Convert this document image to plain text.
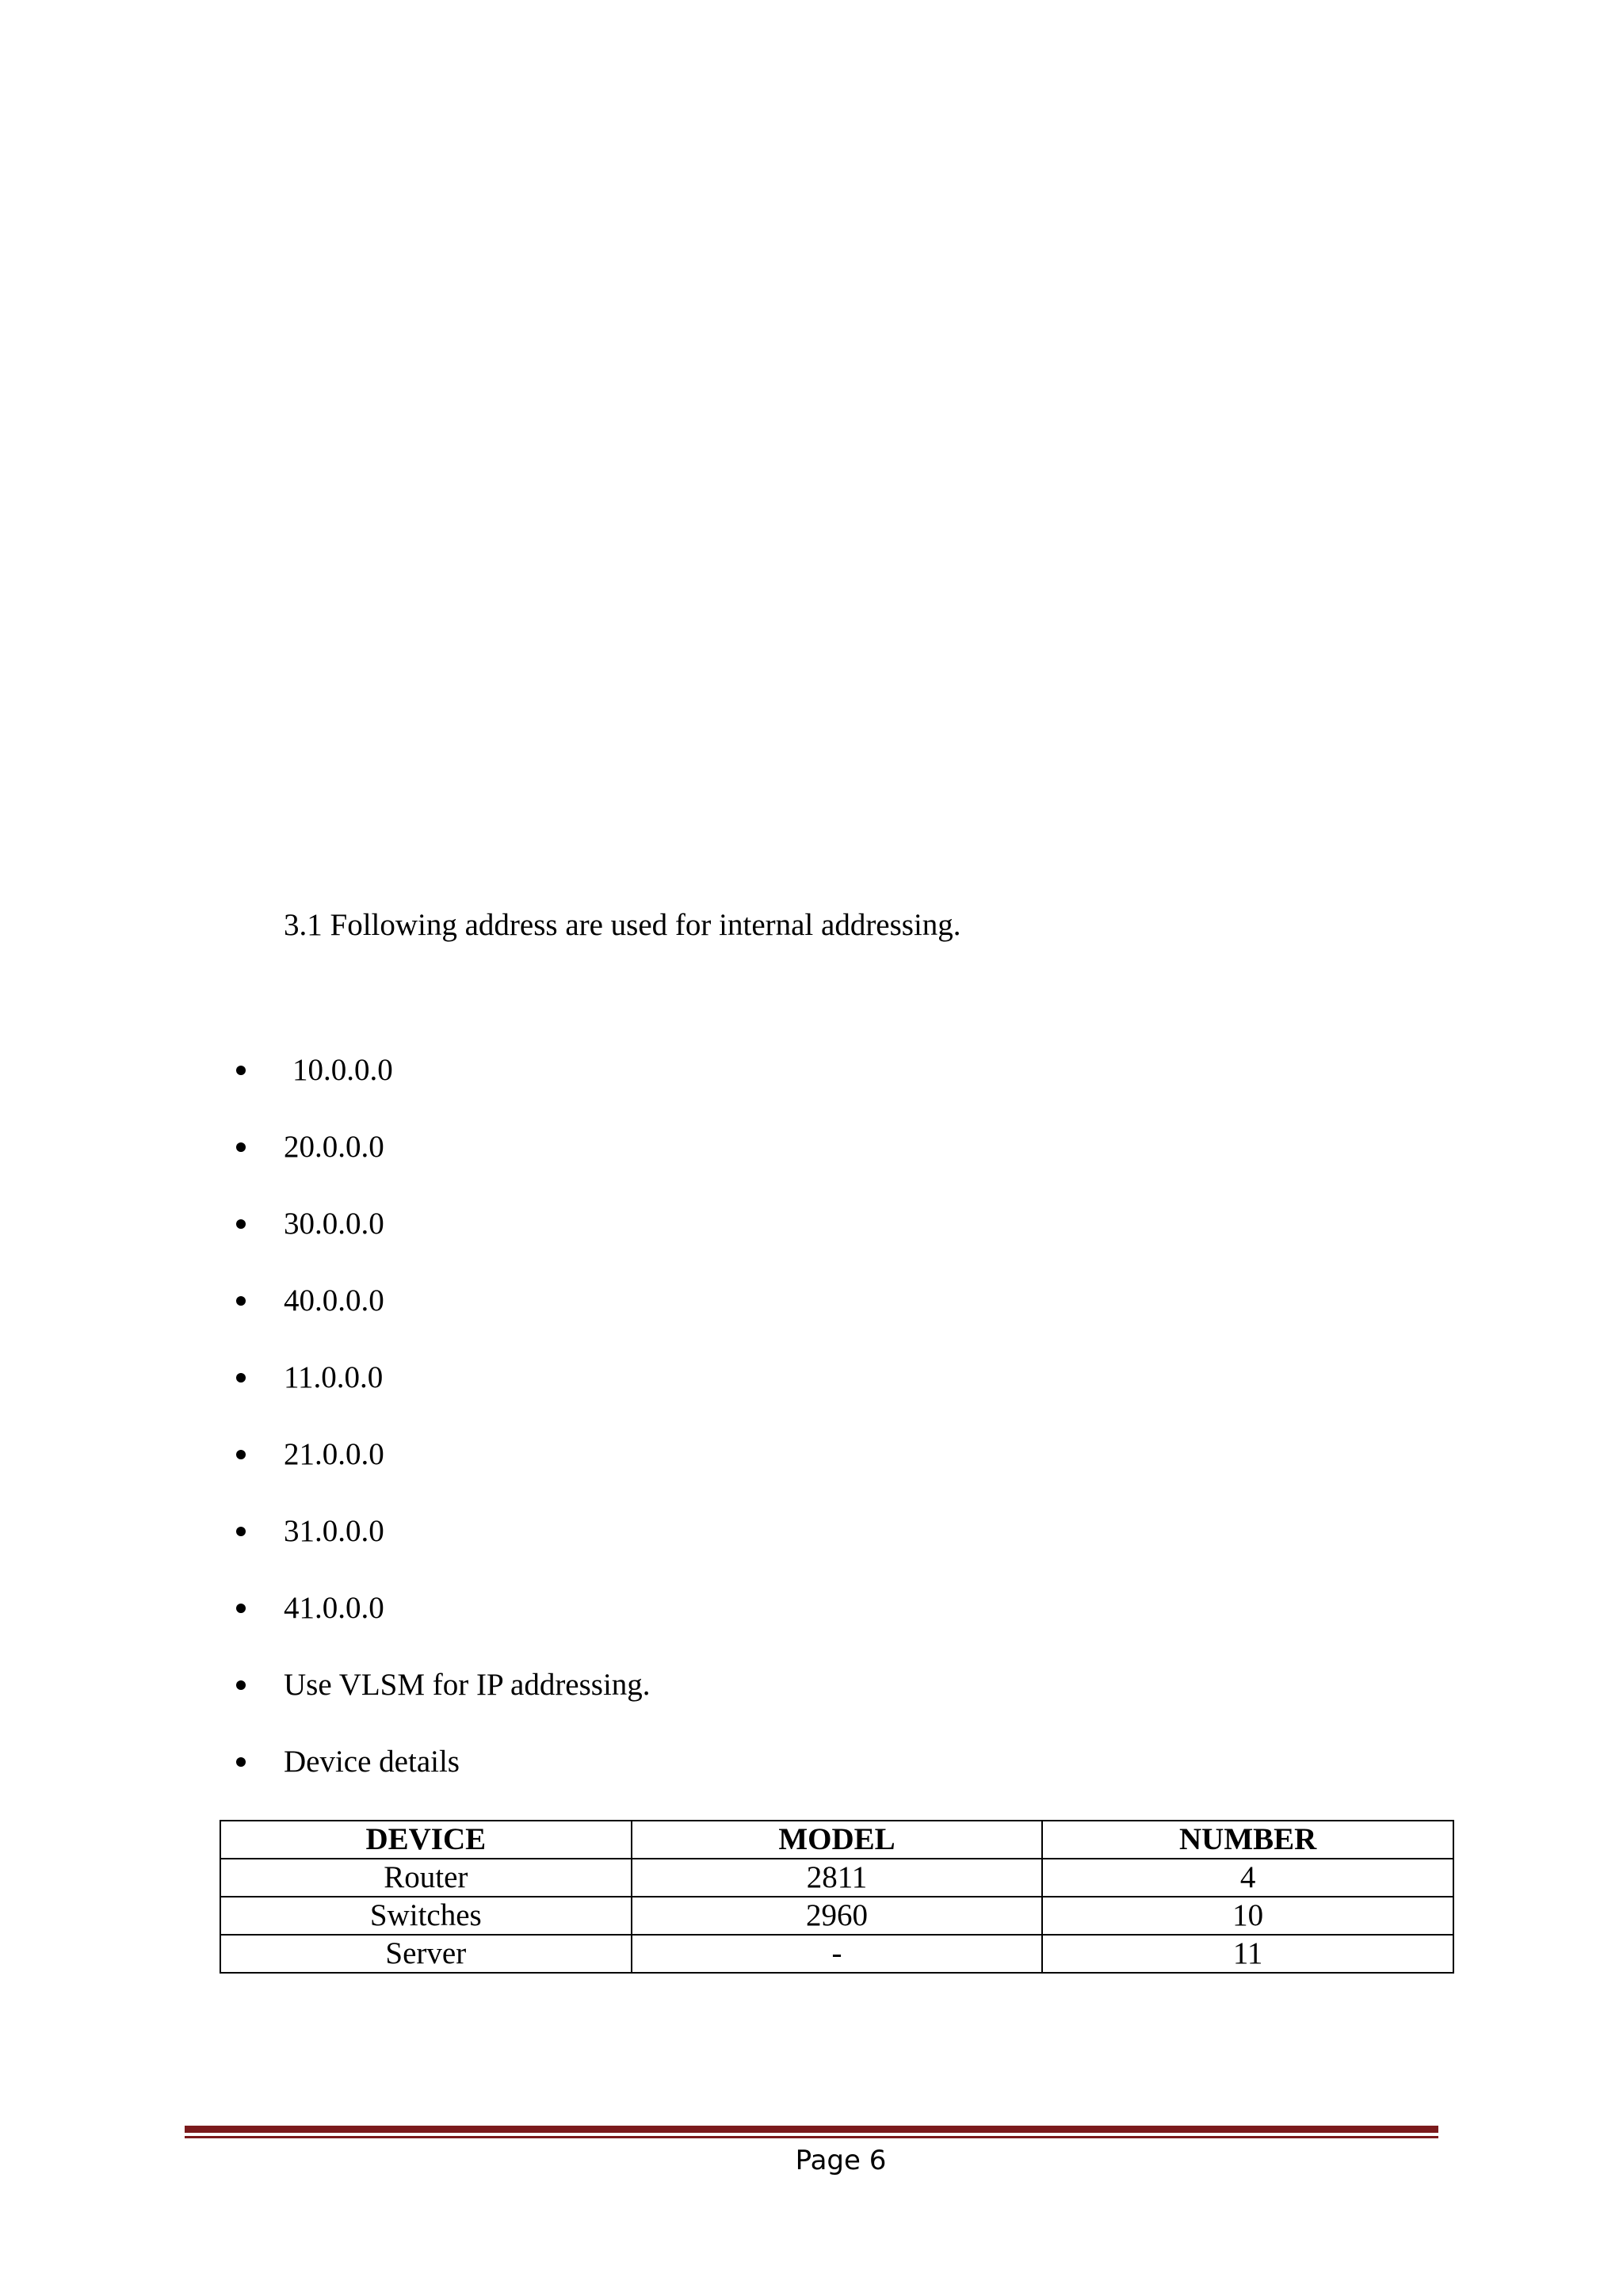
3.1 Following address are used for internal addressing.
10.0.0.0
20.0.0.0
30.0.0.0
40.0.0.0
11.0.0.0
21.0.0.0
31.0.0.0
41.0.0.0
Use VLSM for IP addressing.
Device details
DEVICE	MODEL	NUMBER
Router	2811	4
Switches	2960	10
Server	-	11
Page 6
